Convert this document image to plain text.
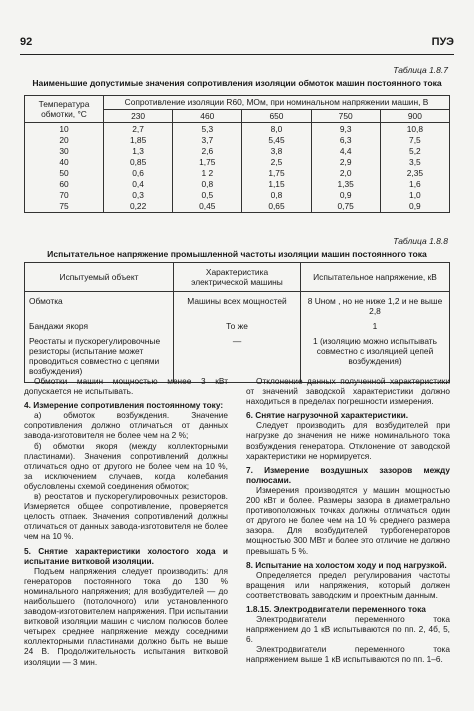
92	ПУЭ
Таблица 1.8.7
Наименьшие допустимые значения сопротивления изоляции обмоток машин постоянного тока
Температура обмотки, °С	Сопротивление изоляции R60, МОм, при номинальном напряжении машин, В				
	230	460	650	750	900
10	2,7	5,3	8,0	9,3	10,8
20	1,85	3,7	5,45	6,3	7,5
30	1,3	2,6	3,8	4,4	5,2
40	0,85	1,75	2,5	2,9	3,5
50	0,6	1 2	1,75	2,0	2,35
60	0,4	0,8	1,15	1,35	1,6
70	0,3	0,5	0,8	0,9	1,0
75	0,22	0,45	0,65	0,75	0,9
Таблица 1.8.8
Испытательное напряжение промышленной частоты изоляции машин постоянного тока
Испытуемый объект	Характеристика электрической машины	Испытательное напряжение, кВ
Обмотка	Машины всех мощностей	8 Uном , но не ниже 1,2 и не выше 2,8
Бандажи якоря	То же	1
Реостаты и пускорегулировочные резисторы (испытание может проводиться совместно с цепями возбуждения)	—	1 (изоляцию можно испытывать совместно с изоляцией цепей возбуждения)

Обмотки машин мощностью менее 3 кВт допускается не испытывать.

4. Измерение сопротивления постоянному току:

а) обмоток возбуждения. Значение сопротивления должно отличаться от данных завода-изготовителя не более чем на 2 %;

б) обмотки якоря (между коллекторными пластинами). Значения сопротивлений должны отличаться одно от другого не более чем на 10 %, за исключением случаев, когда колебания обусловлены схемой соединения обмоток;

в) реостатов и пускорегулировочных резисторов. Измеряется общее сопротивление, проверяется целость отпаек. Значения сопротивлений должны отличаться от данных завода-изготовителя не более чем на 10 %.

5. Снятие характеристики холостого хода и испытание витковой изоляции.

Подъем напряжения следует производить: для генераторов постоянного тока до 130 % номинального напряжения; для возбудителей — до наибольшего (потолочного) или установленного заводом-изготовителем напряжения. При испытании витковой изоляции машин с числом полюсов более четырех среднее напряжение между соседними коллекторными пластинами должно быть не выше 24 В. Продолжительность испытания витковой изоляции — 3 мин.

Отклонение данных полученной характеристики от значений заводской характеристики должно находиться в пределах погрешности измерения.

6. Снятие нагрузочной характеристики.

Следует производить для возбудителей при нагрузке до значения не ниже номинального тока возбуждения генератора. Отклонение от заводской характеристики не нормируется.

7. Измерение воздушных зазоров между полюсами.

Измерения производятся у машин мощностью 200 кВт и более. Размеры зазора в диаметрально противоположных точках должны отличаться один от другого не более чем на 10 % среднего размера зазора. Для возбудителей турбогенераторов мощностью 300 МВт и более это отличие не должно превышать 5 %.

8. Испытание на холостом ходу и под нагрузкой.

Определяется предел регулирования частоты вращения или напряжения, который должен соответствовать заводским и проектным данным.

1.8.15. Электродвигатели переменного тока

Электродвигатели переменного тока напряжением до 1 кВ испытываются по пп. 2, 4б, 5, 6.

Электродвигатели переменного тока напряжением выше 1 кВ испытываются по пп. 1–6.
